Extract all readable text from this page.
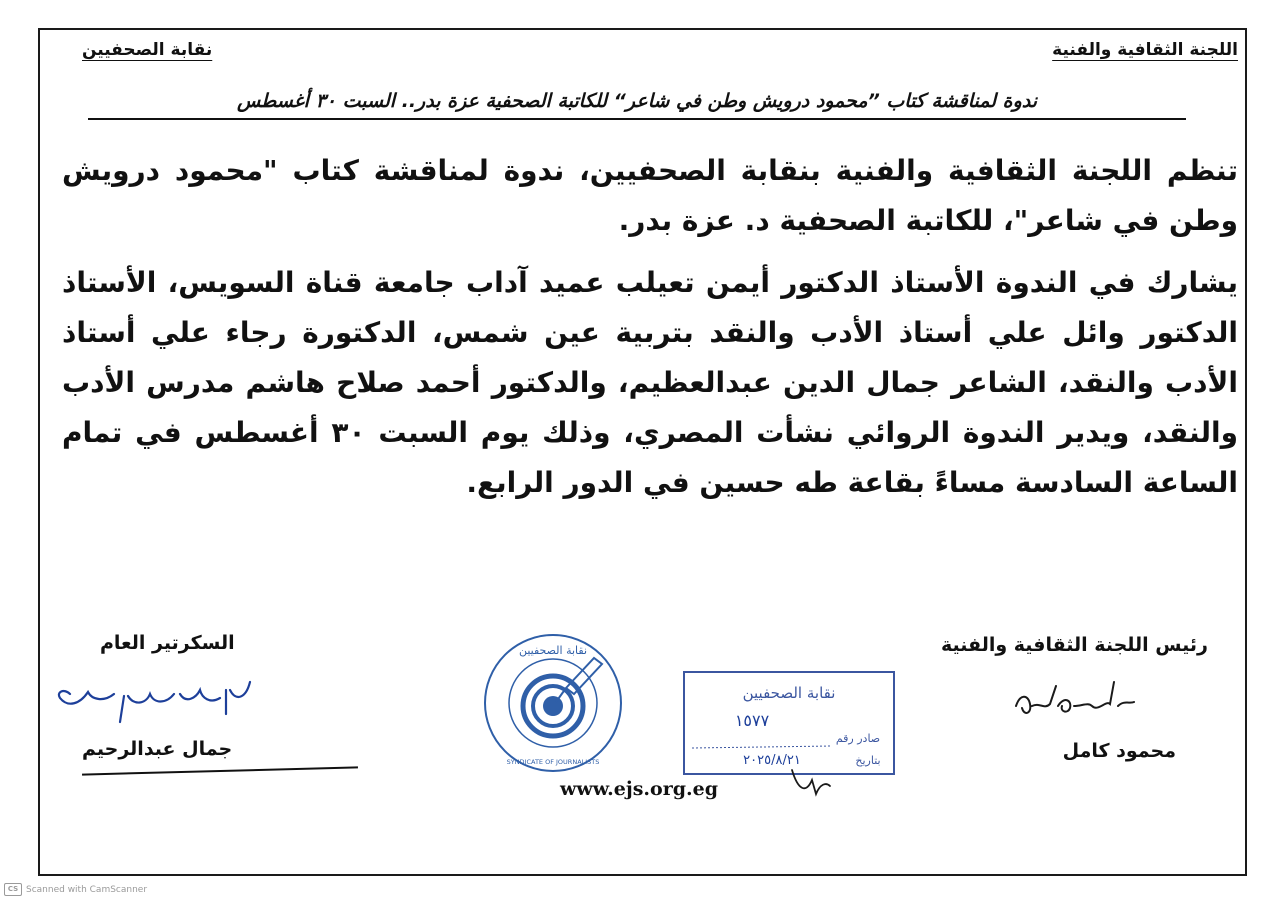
اللجنة الثقافية والفنية
نقابة الصحفيين
ندوة لمناقشة كتاب ”محمود درويش وطن في شاعر“ للكاتبة الصحفية عزة بدر.. السبت ٣٠ أغسطس

تنظم اللجنة الثقافية والفنية بنقابة الصحفيين، ندوة لمناقشة كتاب "محمود درويش وطن في شاعر"، للكاتبة الصحفية د. عزة بدر.

يشارك في الندوة الأستاذ الدكتور أيمن تعيلب عميد آداب جامعة قناة السويس، الأستاذ الدكتور وائل علي أستاذ الأدب والنقد بتربية عين شمس، الدكتورة رجاء علي أستاذ الأدب والنقد، الشاعر جمال الدين عبدالعظيم، والدكتور أحمد صلاح هاشم مدرس الأدب والنقد، ويدير الندوة الروائي نشأت المصري، وذلك يوم السبت ٣٠ أغسطس في تمام الساعة السادسة مساءً بقاعة طه حسين في الدور الرابع.

رئيس اللجنة الثقافية والفنية
محمود كامل
السكرتير العام
جمال عبدالرحيم
نقابة الصحفيين
SYNDICATE OF JOURNALISTS
نقابة الصحفيين
١٥٧٧
صادر رقم
بتاريخ
٢٠٢٥/٨/٢١
www.ejs.org.eg
CS Scanned with CamScanner
